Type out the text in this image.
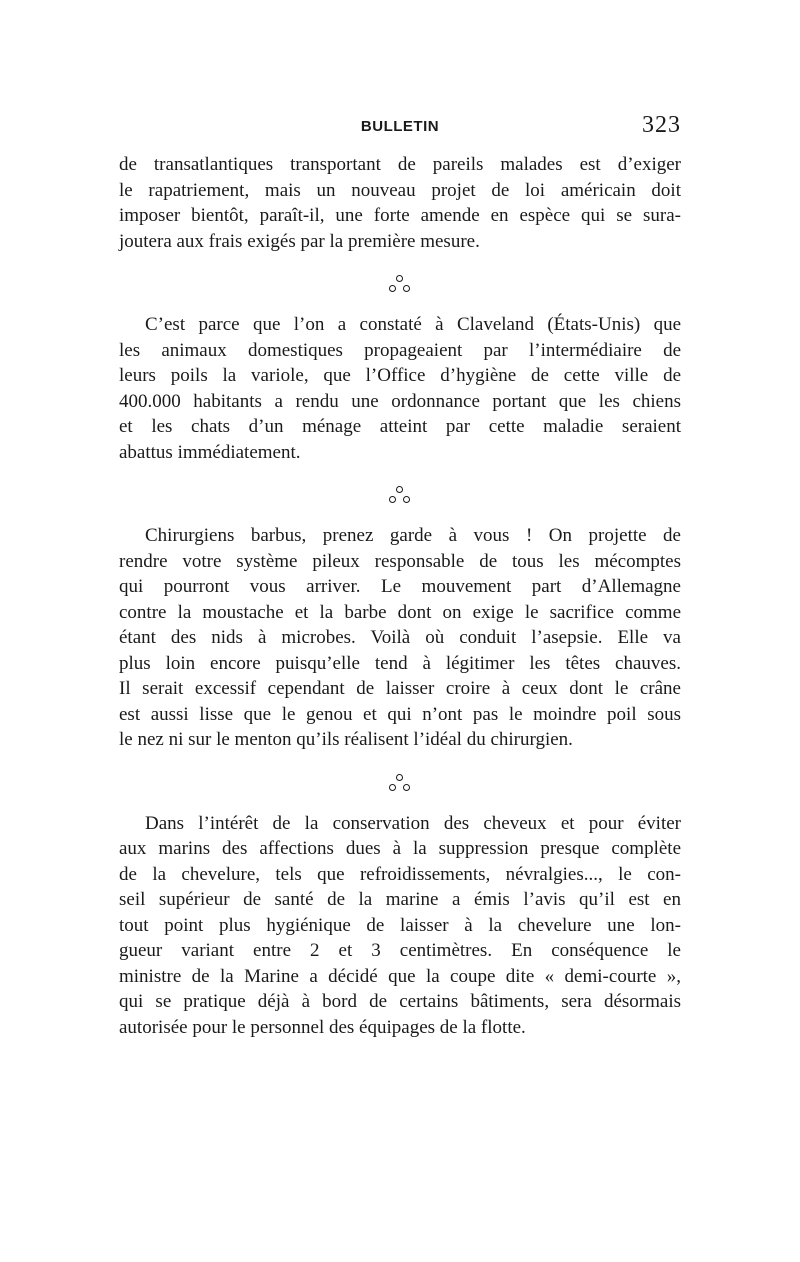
BULLETIN	323

de transatlantiques transportant de pareils malades est d’exiger
le rapatriement, mais un nouveau projet de loi américain doit
imposer bientôt, paraît-il, une forte amende en espèce qui se sura-
joutera aux frais exigés par la première mesure.

C’est parce que l’on a constaté à Claveland (États-Unis) que
les animaux domestiques propageaient par l’intermédiaire de
leurs poils la variole, que l’Office d’hygiène de cette ville de
400.000 habitants a rendu une ordonnance portant que les chiens
et les chats d’un ménage atteint par cette maladie seraient
abattus immédiatement.

Chirurgiens barbus, prenez garde à vous ! On projette de
rendre votre système pileux responsable de tous les mécomptes
qui pourront vous arriver. Le mouvement part d’Allemagne
contre la moustache et la barbe dont on exige le sacrifice comme
étant des nids à microbes. Voilà où conduit l’asepsie. Elle va
plus loin encore puisqu’elle tend à légitimer les têtes chauves.
Il serait excessif cependant de laisser croire à ceux dont le crâne
est aussi lisse que le genou et qui n’ont pas le moindre poil sous
le nez ni sur le menton qu’ils réalisent l’idéal du chirurgien.

Dans l’intérêt de la conservation des cheveux et pour éviter
aux marins des affections dues à la suppression presque complète
de la chevelure, tels que refroidissements, névralgies..., le con-
seil supérieur de santé de la marine a émis l’avis qu’il est en
tout point plus hygiénique de laisser à la chevelure une lon-
gueur variant entre 2 et 3 centimètres. En conséquence le
ministre de la Marine a décidé que la coupe dite « demi-courte »,
qui se pratique déjà à bord de certains bâtiments, sera désormais
autorisée pour le personnel des équipages de la flotte.
